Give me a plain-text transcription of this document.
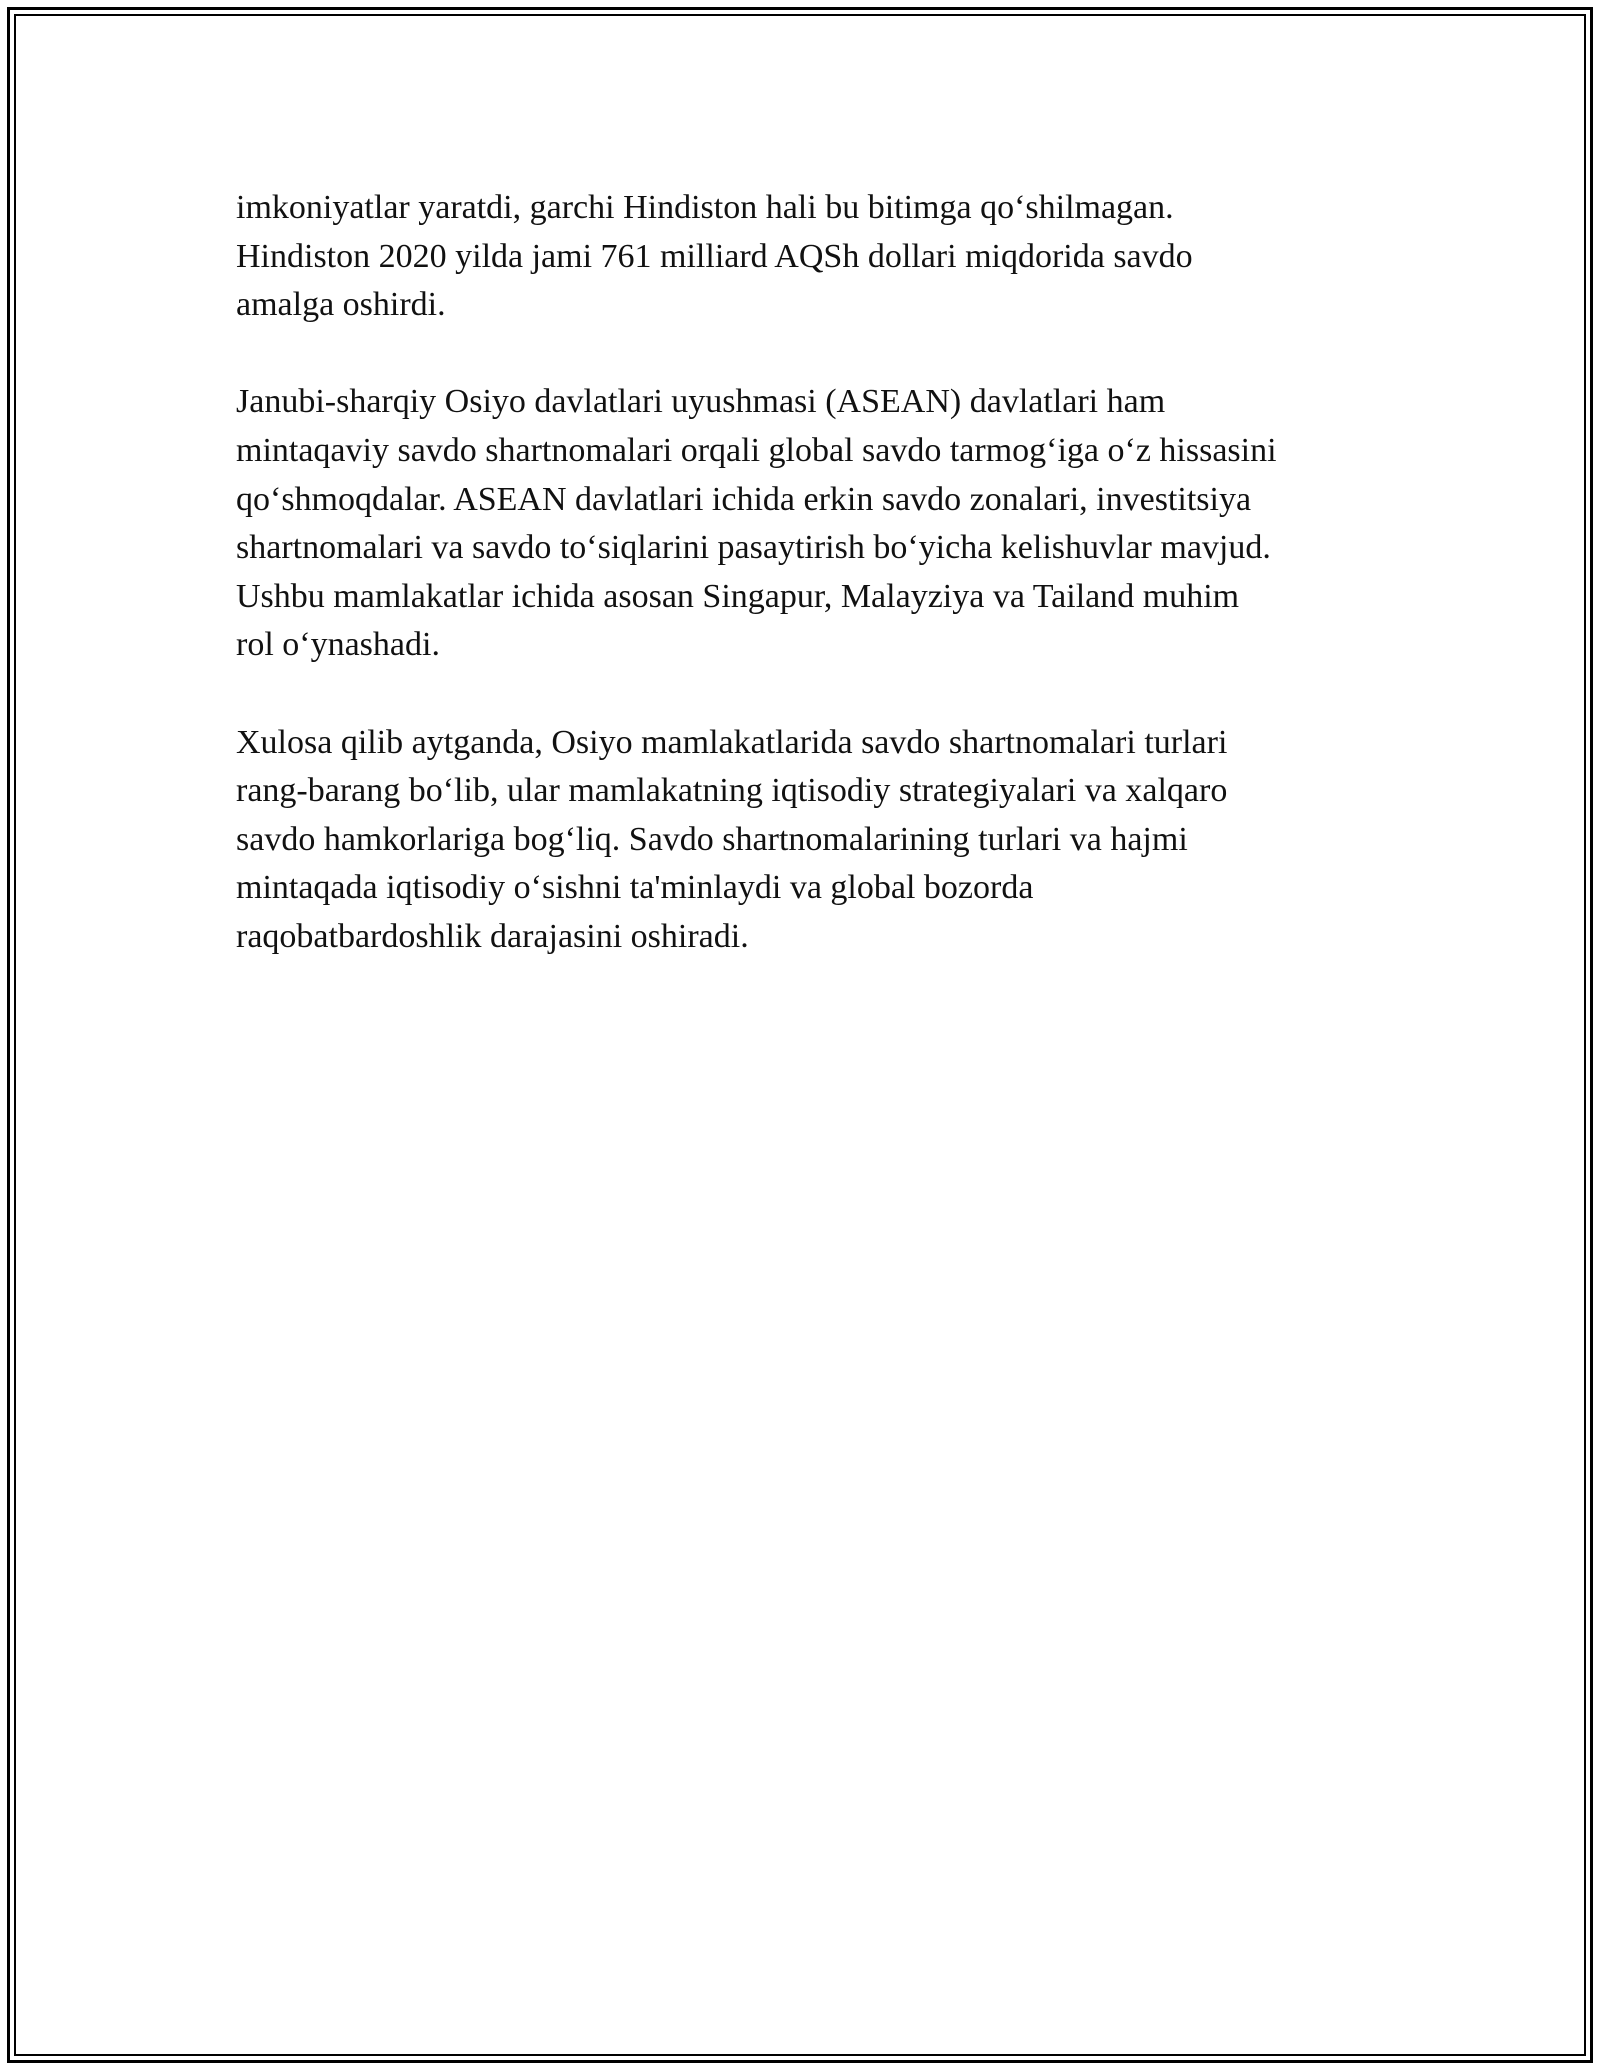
imkoniyatlar yaratdi, garchi Hindiston hali bu bitimga qo‘shilmagan.
Hindiston 2020 yilda jami 761 milliard AQSh dollari miqdorida savdo
amalga oshirdi.

Janubi-sharqiy Osiyo davlatlari uyushmasi (ASEAN) davlatlari ham
mintaqaviy savdo shartnomalari orqali global savdo tarmog‘iga o‘z hissasini
qo‘shmoqdalar. ASEAN davlatlari ichida erkin savdo zonalari, investitsiya
shartnomalari va savdo to‘siqlarini pasaytirish bo‘yicha kelishuvlar mavjud.
Ushbu mamlakatlar ichida asosan Singapur, Malayziya va Tailand muhim
rol o‘ynashadi.

Xulosa qilib aytganda, Osiyo mamlakatlarida savdo shartnomalari turlari
rang-barang bo‘lib, ular mamlakatning iqtisodiy strategiyalari va xalqaro
savdo hamkorlariga bog‘liq. Savdo shartnomalarining turlari va hajmi
mintaqada iqtisodiy o‘sishni ta'minlaydi va global bozorda
raqobatbardoshlik darajasini oshiradi.
